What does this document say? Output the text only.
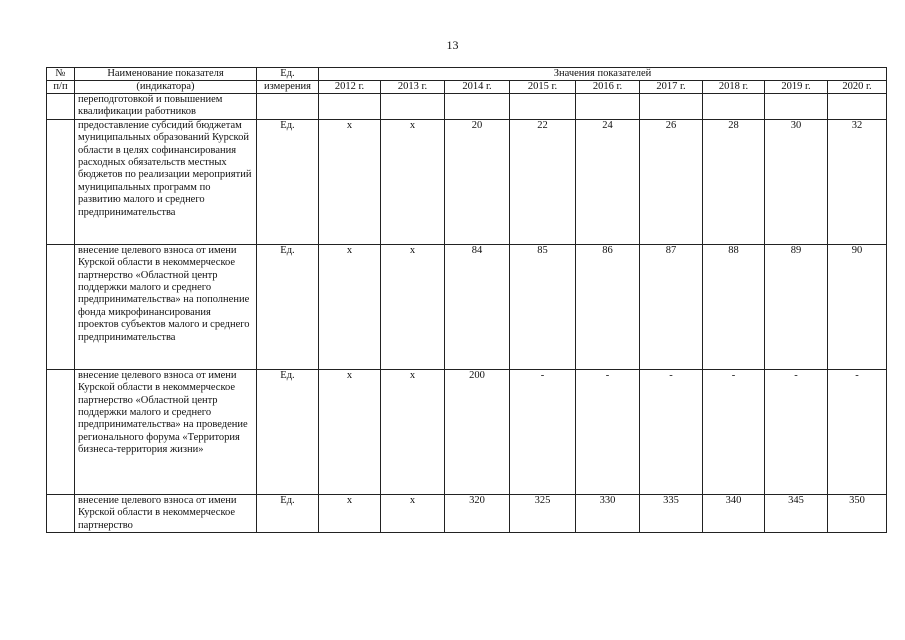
13
№	Наименование показателя	Ед.	Значения показателей								
п/п	(индикатора)	измерения	2012 г.	2013 г.	2014 г.	2015 г.	2016 г.	2017 г.	2018 г.	2019 г.	2020 г.
	переподготовкой и повышением квалификации работников										
	предоставление субсидий бюджетам муниципальных образований Курской области в целях софинансирования расходных обязательств местных бюджетов по реализации мероприятий муниципальных программ по развитию малого и среднего предпринимательства	Ед.	х	х	20	22	24	26	28	30	32
	внесение целевого взноса от имени Курской области в некоммерческое партнерство «Областной центр поддержки малого и среднего предпринимательства» на пополнение фонда микрофинансирования проектов субъектов малого и среднего предпринимательства	Ед.	х	х	84	85	86	87	88	89	90
	внесение целевого взноса от имени Курской области в некоммерческое партнерство «Областной центр поддержки малого и среднего предпринимательства» на проведение регионального форума «Территория бизнеса-территория жизни»	Ед.	х	х	200	-	-	-	-	-	-
	внесение целевого взноса от имени Курской области в некоммерческое партнерство	Ед.	х	х	320	325	330	335	340	345	350
